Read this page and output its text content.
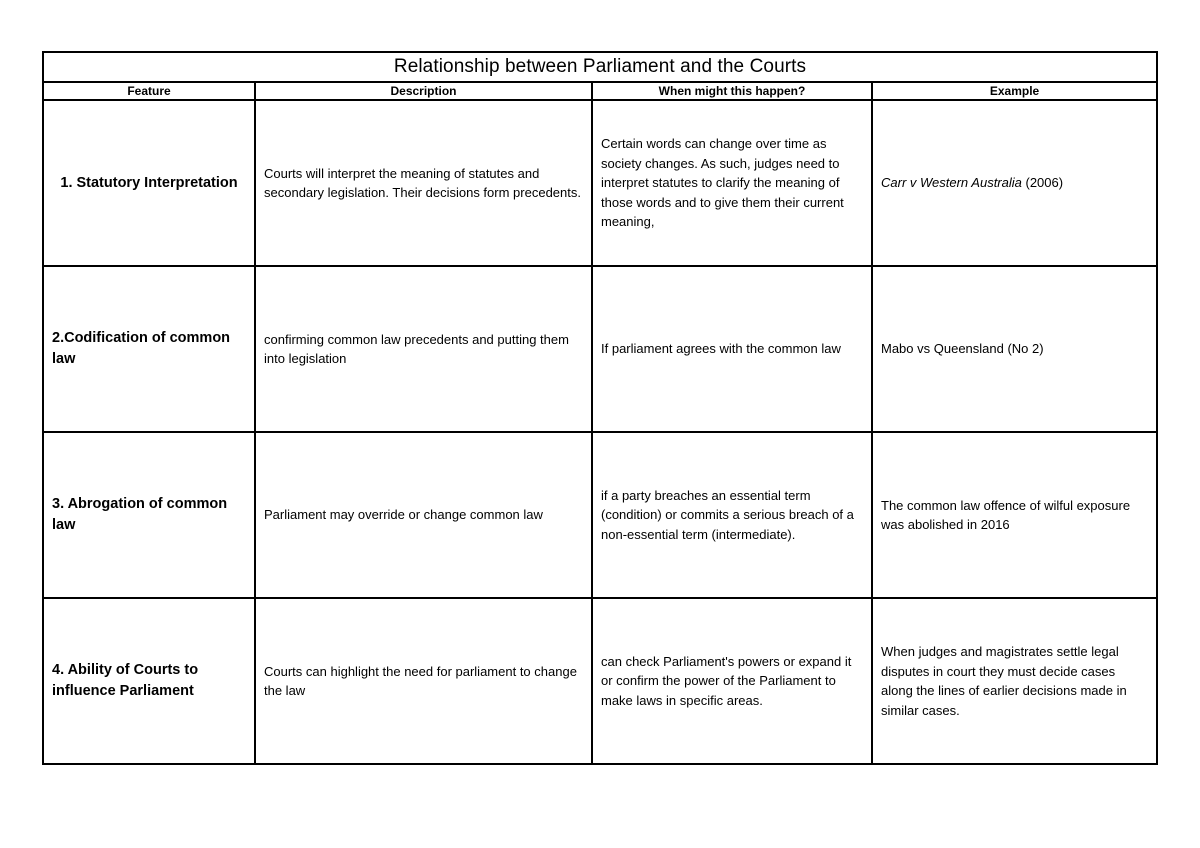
Relationship between Parliament and the Courts			
Feature	Description	When might this happen?	Example
1. Statutory Interpretation	Courts will interpret the meaning of statutes and secondary legislation. Their decisions form precedents.	Certain words can change over time as society changes. As such, judges need to interpret statutes to clarify the meaning of those words and to give them their current meaning,	Carr v Western Australia (2006)
2.Codification of common law	confirming common law precedents and putting them into legislation	If parliament agrees with the common law	Mabo vs Queensland (No 2)
3. Abrogation of common law	Parliament may override or change common law	if a party breaches an essential term (condition) or commits a serious breach of a non-essential term (intermediate).	The common law offence of wilful exposure was abolished in 2016
4. Ability of Courts to influence Parliament	Courts can highlight the need for parliament to change the law	can check Parliament's powers or expand it or confirm the power of the Parliament to make laws in specific areas.	When judges and magistrates settle legal disputes in court they must decide cases along the lines of earlier decisions made in similar cases.
